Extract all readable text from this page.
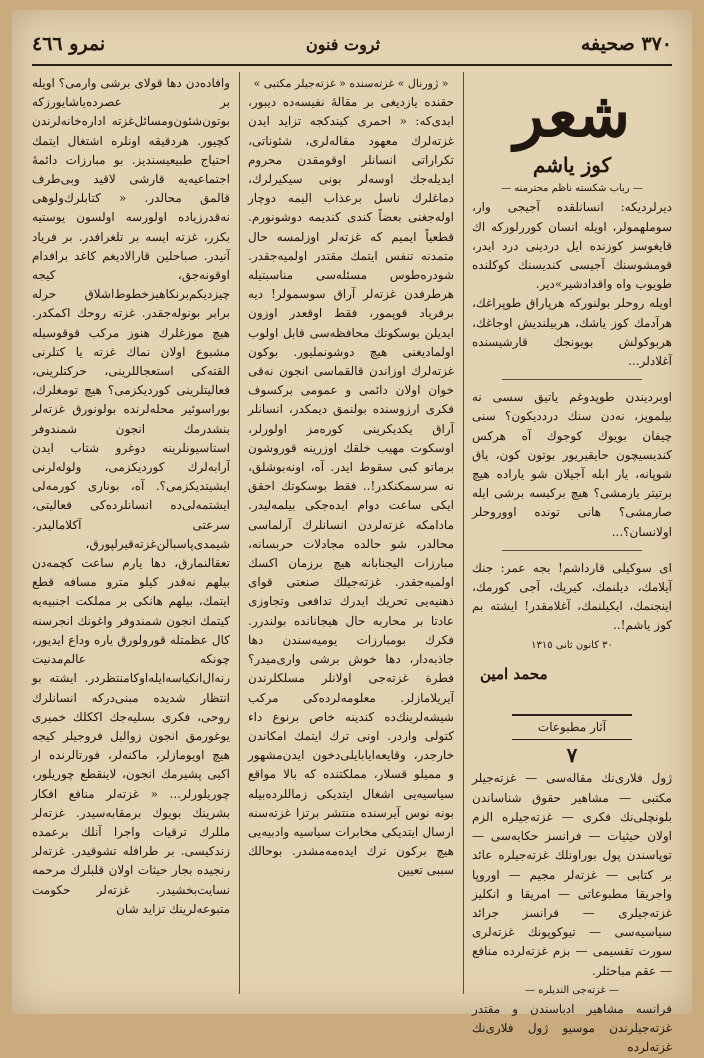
٣٧٠ صحیفه
ثروت فنون
نمرو ٤٦٦
شعر
كوز یاشم
— رباب شكسته ناظم محترمنه —

دیرلردیكه: انسانلقده آجیجی وار، سوملهمولر، اویله انسان كوررلوركه اك قایغوسز كوزنده ایل دردینی درد ایدر، قومشوسنك آجیسی كندیسنك كوكلنده طویوب واه‌ واقدادشیر»دیر.

اویله روحلر بولنوركه هرپاراق طوپراغك، هرآدمك كوز یاشك، هربیلندیش اوجاغك، هربوكولش بویونجك قارشیسنده آغلادلر...

اوبردیندن طوپدوغم یاتیق سسی نه بیلمویز، نه‌دن سنك درددیكون؟ سنی چیفان بویوك كوجوك آه هركس كندیسیچون حایقیریور بوتون كون، یاق شوپانه، یار ابله آجیلان شو یاراده هیچ برتیتر یارمشی؟ هیچ بركیسه برشی ایله صارمشی؟ هانی تونده اووروحلر اولانسان؟...

ای سوكیلی قارداشم! بجه عمر: جنك آیلامك، دیلنمك، كیریك، آجی كورمك، اینجنمك، ایكیلنمك، آغلامقدر! ایشته بم كوز یاشم!..

٣٠ كانون ثانی ١٣١٥
محمد امین
آثار مطبوعات
٧

ژول فلاری‌نك مقاله‌سی — غزته‌جیلر مكتبی — مشاهیر حقوق شناساندن بلونچلی‌نك فكری — غزته‌جیلره الزم اولان حیثیات — فرانسز حكایه‌سی — توپاسندن پول بوراونلك غزته‌جیلره عائد بر كتابی — غزته‌لر مجیم — اوروپا واجریقا مطبوعاتی — امریقا و انكلیز غزته‌جیلری — فرانسز جرائد سیاسیه‌سی — تیوكوپونك غزته‌لری سورت تقسیمی — بزم غزته‌لرده منافع — عقم مباحثلر.

— غزته‌جی الندیلره —

فرانسه مشاهیر ادباسندن و مقتدر غزته‌جیلرندن موسیو ژول فلاری‌نك غزته‌لرده

« ژورنال » غزته‌سنده « غزته‌جیلر مكتبی »

حقنده یازدیغی بر مقاله‌ٔ نفیسه‌ده دیبور، ایدی‌كه: « احمری كیندكجه تزاید ایدن غزته‌لرك معهود مقاله‌لری، شئوناتی، تكراراتی انسانلر اوقومقدن محروم ایدیله‌جك اوسه‌لر بونی سیكیرلرك، دماغلرك ناسل برعذاب الیمه دوچار اوله‌جغنی بعضاً كندی كندیمه دوشونورم. قطعیاً ایمیم كه غزته‌لر اوزلمسه حال متمدنه تنفس ایتمك مقتدر اولمیه‌جقدر. شودرەطوس مسئله‌سی مناسبتیله هرطرفدن غزته‌لر آراق سوسمولر! دیه برفریاد قوپمور، فقط اوقعدر اوزون ایدیلن بوسكوتك محافظه‌سی قابل اولوب اولمادیغنی هیچ دوشونملیور. بوكون غزته‌لرك اوزاندن قالقماسی انجون نه‌قی خوان اولان دائمی و عمومی بركسوف فكری ارزوسنده بولنمق دیمكدر، انسانلر آراق یكدیكرینی كوره‌مز اولورلر، اوسكوت مهیب خلقك اوزرینه قوروشون برماتو كبی سقوط ایدر. آه، اونه‌بوشلق، نه سرسمكنكدر!.. فقط بوسكوتك احقق ایكی ساعت دوام ایده‌جكی بیلمه‌لیدر. مادامكه غزته‌لردن انسانلرك آرلماسی محالدر، شو حالده مجادلات حربسانه، مبارزات الیجنابانه هیچ برزمان اكسك اولمیه‌جقدر. غزته‌جیلك صنعتی قوای ذهنیه‌یی تحریك ایدرك تدافعی وتجاوزی عادتا بر محاربه حال هیجانانده بولندرر. فكرك بومبارزات یومیه‌سندن دها جاذبه‌دار، دها خوش برشی واری‌میدر؟ فطرة غزته‌جی اولانلر مسلكلرندن آیریلامازلر. معلومه‌لرده‌كی مركب شیشه‌لرینك‌ده كندینه خاص برنوع داء كتولی واردر. اونی ترك ایتمك امكاندن خارجدر، وقایعه‌ایابایلی‌دخون ایدن‌مشهور و ممیلو قسلار، مملكتنده كه بالا مواقع سیاسیه‌یی اشغال ایتدیكی زماللرده‌بیله بونه نوس آیرسنده منتشر برتزا غزته‌سنه ارسال ایتدیكی مخابرات سیاسیه وادبیه‌یی هیچ بركون ترك ایده‌مه‌مشدر. بوحالك سببی تعیین

وافاده‌دن دها قولای برشی وارمی؟ اویله بر عصرده‌یاشایورزكه بوتون‌شئون‌ومسائل‌غزته ادارەخانه‌لرندن كچیور. هردقیقه اونلره اشتغال ایتمك احتیاج طبیعیسندیز. بو مبارزات دائمهٔ اجتماعیه‌یه قارشی لاقید وبی‌طرف قالمق محالدر. « كتابلرك‌ولوهی نه‌قدرزیاده اولورسه اولسون یوستیه بكزر، غزته ایسه بر تلغرافدر. بر فریاد آنیدر. صباحلین قارالادیغم كاغد برافدام اوقونه‌جق، كیجه چیزدیكم‌برنكاهیزخطوط‌اشلاق حرله برابر بونوله‌جقدر. غزته روحك اكمكدر. هیچ موزغلرك هنوز مركب قوقوسیله مشبوع اولان نماك غزته یا كتلرنی القته‌كی استعجاللرینی، حركتلرینی، فعالیتلرینی كوردیكزمی؟ هیچ تومغلرك، بوراسوئیر محلەلرنده بولونورق غزته‌لر بنشدرمك انجون شمندوفر استاسیونلرینه دوغرو شتاب ایدن آرابەلرك كوردیكزمی، ولوله‌لرنی ایشیتدیكزمی؟. آه، بوناری كورمه‌لی ایشتمه‌لی‌ده انسانلرده‌كی فعالیتی، سرعتی آكلامالیدر. شیمدی‌پاسبالن‌غزته‌قیرلپورق، تعقالنمارق، دها یارم ساعت كچمه‌دن بیلهم نه‌قدر كیلو مترو مسافه قطع ایتمك، بیلهم هانكی بر مملكت اجنبیه‌یه كیتمك انجون شمندوفر واغونك انجرسنه كال عظمتله قورولورق یاره وداع ایدیور، چونكه عالم‌مدنیت رنه‌ال‌انكیاسه‌ایله‌اوكامنتظردر. ایشته بو انتظار شدیده مبنی‌دركه انسانلرك روحی، فكری بسلیه‌جك اككلك خمیری یوغورمق انجون زوالیل فروجیلر كیجه هیچ اویومازلر، ماكنه‌لر، فورتالرنده ار اكیی پشیرمك انجون، لاینقطع چوریلور، چوریلورلر... « غزته‌لر منافع افكار بشرینك بویوك برمقابه‌سیدر. غزته‌لر مللرك ترقیات واجرا آنلك برعمده زندكیسی. بر طرافله تشوقیدر. غزته‌لر رنجیده بجار حیثات اولان قلبلرك مرحمه نسایت‌بخشیدر. غزته‌لر حكومت متبوعه‌لرینك تزاید شان
